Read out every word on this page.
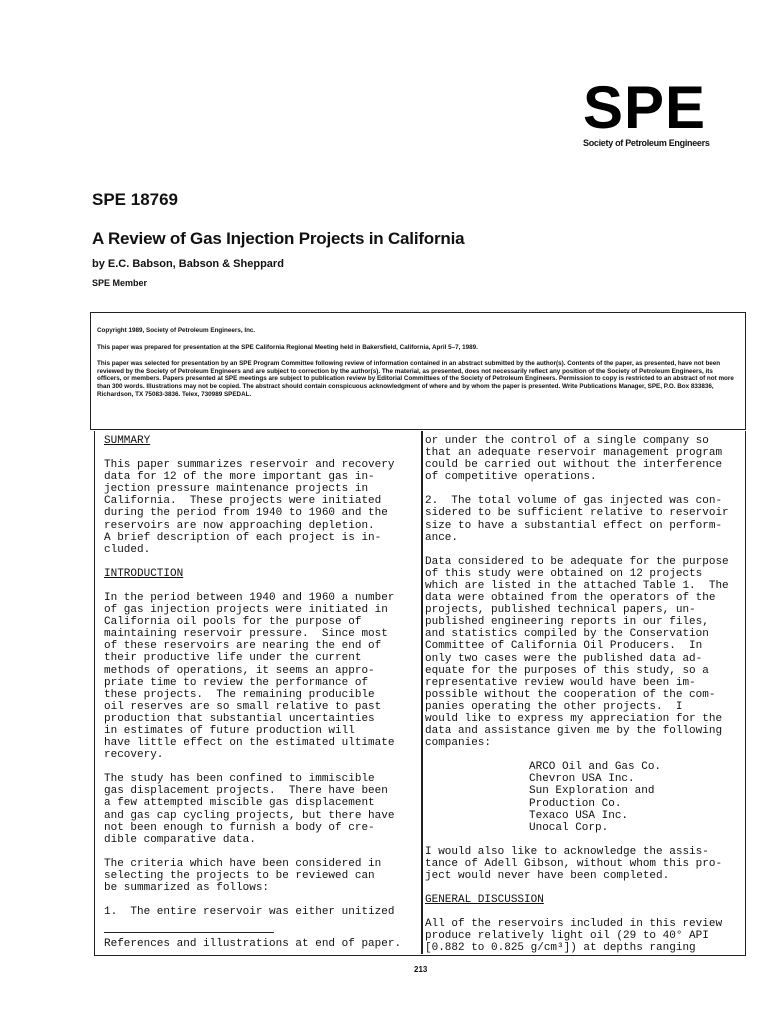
SPE
Society of Petroleum Engineers
SPE 18769
A Review of Gas Injection Projects in California
by E.C. Babson, Babson & Sheppard
SPE Member

Copyright 1989, Society of Petroleum Engineers, Inc.

This paper was prepared for presentation at the SPE California Regional Meeting held in Bakersfield, California, April 5–7, 1989.

This paper was selected for presentation by an SPE Program Committee following review of information contained in an abstract submitted by the author(s). Contents of the paper, as presented, have not been reviewed by the Society of Petroleum Engineers and are subject to correction by the author(s). The material, as presented, does not necessarily reflect any position of the Society of Petroleum Engineers, its officers, or members. Papers presented at SPE meetings are subject to publication review by Editorial Committees of the Society of Petroleum Engineers. Permission to copy is restricted to an abstract of not more than 300 words. Illustrations may not be copied. The abstract should contain conspicuous acknowledgment of where and by whom the paper is presented. Write Publications Manager, SPE, P.O. Box 833836, Richardson, TX 75083-3836. Telex, 730989 SPEDAL.

SUMMARY

This paper summarizes reservoir and recovery

data for 12 of the more important gas in-

jection pressure maintenance projects in

California.  These projects were initiated

during the period from 1940 to 1960 and the

reservoirs are now approaching depletion.

A brief description of each project is in-

cluded.

INTRODUCTION

In the period between 1940 and 1960 a number

of gas injection projects were initiated in

California oil pools for the purpose of

maintaining reservoir pressure.  Since most

of these reservoirs are nearing the end of

their productive life under the current

methods of operations, it seems an appro-

priate time to review the performance of

these projects.  The remaining producible

oil reserves are so small relative to past

production that substantial uncertainties

in estimates of future production will

have little effect on the estimated ultimate

recovery.

The study has been confined to immiscible

gas displacement projects.  There have been

a few attempted miscible gas displacement

and gas cap cycling projects, but there have

not been enough to furnish a body of cre-

dible comparative data.

The criteria which have been considered in

selecting the projects to be reviewed can

be summarized as follows:

1.  The entire reservoir was either unitized

References and illustrations at end of paper.

or under the control of a single company so

that an adequate reservoir management program

could be carried out without the interference

of competitive operations.

2.  The total volume of gas injected was con-

sidered to be sufficient relative to reservoir

size to have a substantial effect on perform-

ance.

Data considered to be adequate for the purpose

of this study were obtained on 12 projects

which are listed in the attached Table 1.  The

data were obtained from the operators of the

projects, published technical papers, un-

published engineering reports in our files,

and statistics compiled by the Conservation

Committee of California Oil Producers.  In

only two cases were the published data ad-

equate for the purposes of this study, so a

representative review would have been im-

possible without the cooperation of the com-

panies operating the other projects.  I

would like to express my appreciation for the

data and assistance given me by the following

companies:

ARCO Oil and Gas Co.

Chevron USA Inc.

Sun Exploration and

Production Co.

Texaco USA Inc.

Unocal Corp.

I would also like to acknowledge the assis-

tance of Adell Gibson, without whom this pro-

ject would never have been completed.

GENERAL DISCUSSION

All of the reservoirs included in this review

produce relatively light oil (29 to 40° API

[0.882 to 0.825 g/cm³]) at depths ranging

213
